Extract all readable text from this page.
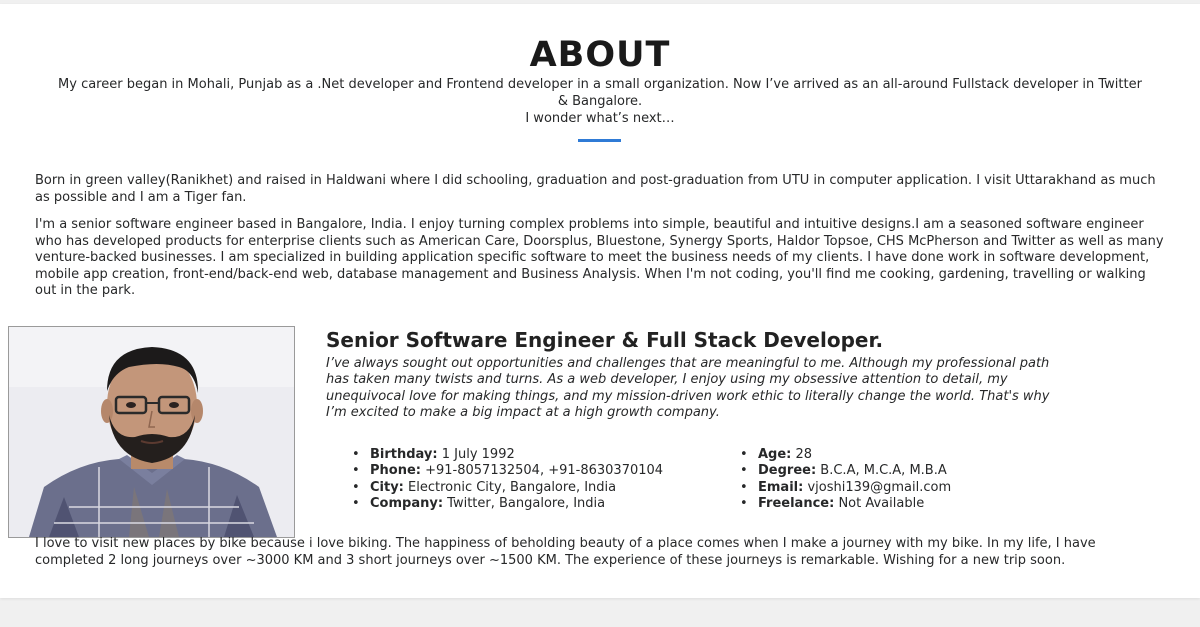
ABOUT

My career began in Mohali, Punjab as a .Net developer and Frontend developer in a small organization. Now I’ve arrived as an all-around Fullstack developer in Twitter & Bangalore.
I wonder what’s next…

Born in green valley(Ranikhet) and raised in Haldwani where I did schooling, graduation and post-graduation from UTU in computer application. I visit Uttarakhand as much as possible and I am a Tiger fan.

I'm a senior software engineer based in Bangalore, India. I enjoy turning complex problems into simple, beautiful and intuitive designs.I am a seasoned software engineer who has developed products for enterprise clients such as American Care, Doorsplus, Bluestone, Synergy Sports, Haldor Topsoe, CHS McPherson and Twitter as well as many venture-backed businesses. I am specialized in building application specific software to meet the business needs of my clients. I have done work in software development, mobile app creation, front-end/back-end web, database management and Business Analysis. When I'm not coding, you'll find me cooking, gardening, travelling or walking out in the park.

Senior Software Engineer & Full Stack Developer.

I’ve always sought out opportunities and challenges that are meaningful to me. Although my professional path has taken many twists and turns. As a web developer, I enjoy using my obsessive attention to detail, my unequivocal love for making things, and my mission-driven work ethic to literally change the world. That's why I’m excited to make a big impact at a high growth company.

• Birthday: 1 July 1992
• Phone: +91-8057132504, +91-8630370104
• City: Electronic City, Bangalore, India
• Company: Twitter, Bangalore, India
• Age: 28
• Degree: B.C.A, M.C.A, M.B.A
• Email: vjoshi139@gmail.com
• Freelance: Not Available

I love to visit new places by bike because i love biking. The happiness of beholding beauty of a place comes when I make a journey with my bike. In my life, I have completed 2 long journeys over ~3000 KM and 3 short journeys over ~1500 KM. The experience of these journeys is remarkable. Wishing for a new trip soon.
